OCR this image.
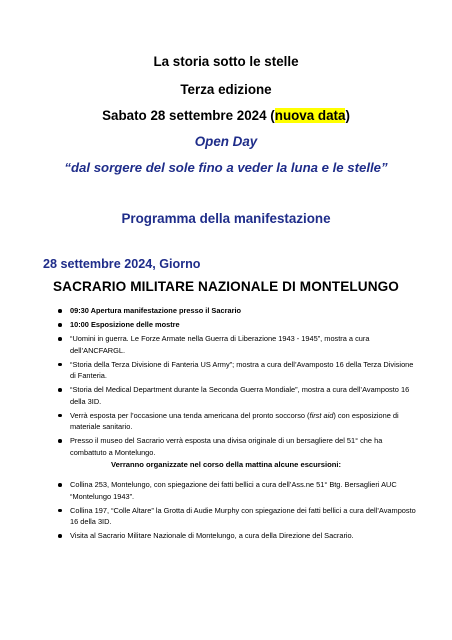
La storia sotto le stelle
Terza edizione
Sabato 28 settembre 2024 (nuova data)
Open Day
“dal sorgere del sole fino a veder la luna e le stelle”
Programma della manifestazione
28 settembre 2024, Giorno
SACRARIO MILITARE NAZIONALE DI MONTELUNGO
09:30 Apertura manifestazione presso il Sacrario
10:00 Esposizione delle mostre
“Uomini in guerra. Le Forze Armate nella Guerra di Liberazione 1943 - 1945”, mostra a cura dell’ANCFARGL.
“Storia della Terza Divisione di Fanteria US Army”; mostra a cura dell’Avamposto 16 della Terza Divisione di Fanteria.
“Storia del Medical Department durante la Seconda Guerra Mondiale”, mostra a cura dell’Avamposto 16 della 3ID.
Verrà esposta per l’occasione una tenda americana del pronto soccorso (first aid) con esposizione di materiale sanitario.
Presso il museo del Sacrario verrà esposta una divisa originale di un bersagliere del 51° che ha combattuto a Montelungo.
Verranno organizzate nel corso della mattina alcune escursioni:
Collina 253, Montelungo, con spiegazione dei fatti bellici a cura dell’Ass.ne 51° Btg. Bersaglieri AUC “Montelungo 1943”.
Collina 197, “Colle Altare” la Grotta di Audie Murphy con spiegazione dei fatti bellici a cura dell’Avamposto 16 della 3ID.
Visita al Sacrario Militare Nazionale di Montelungo, a cura della Direzione del Sacrario.
